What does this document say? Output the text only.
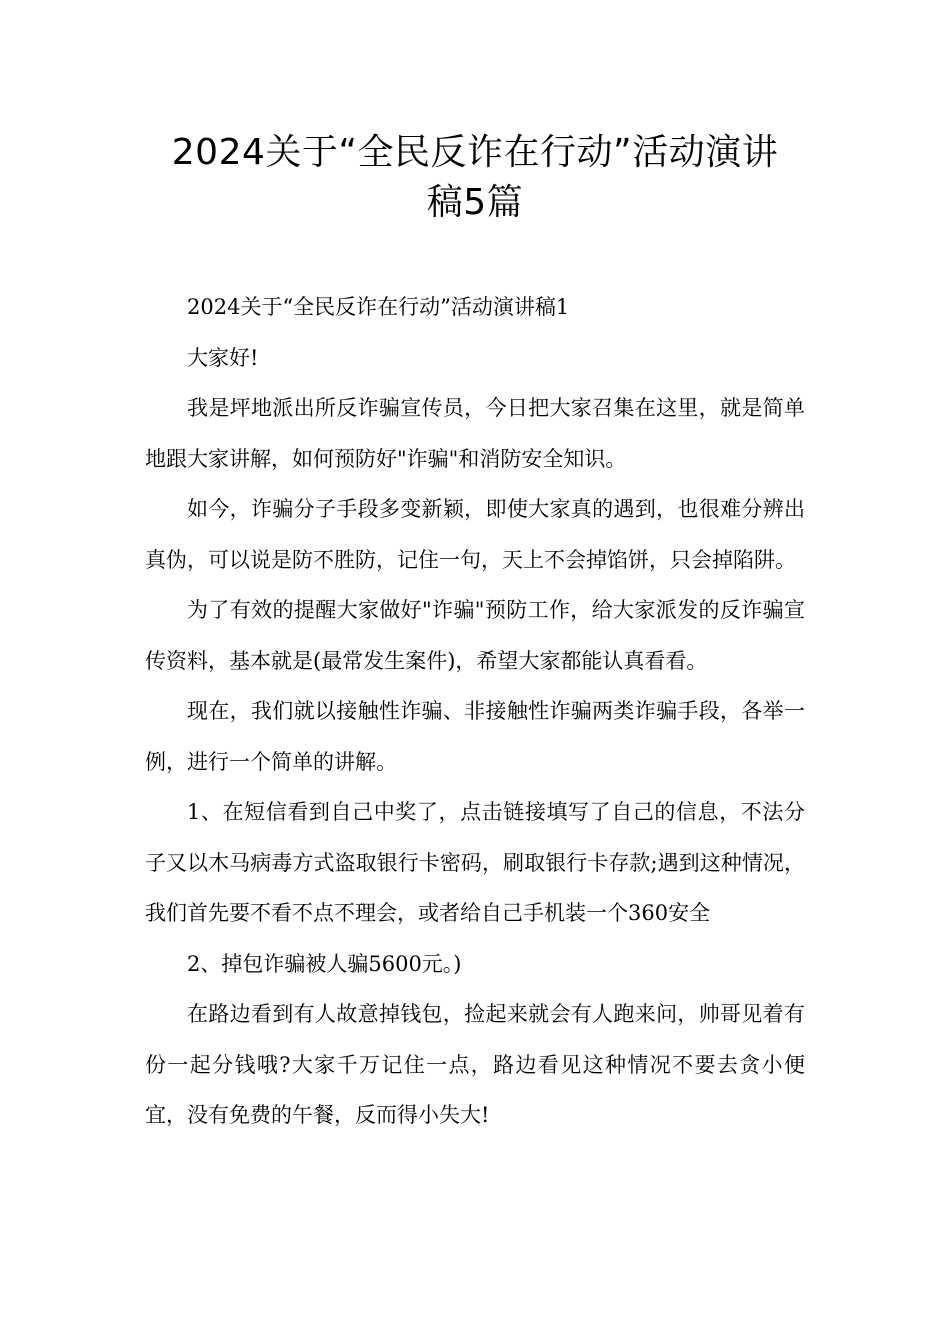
2024关于“全民反诈在行动”活动演讲
稿5篇

2024关于“全民反诈在行动”活动演讲稿1

大家好!

我是坪地派出所反诈骗宣传员，今日把大家召集在这里，就是简单地跟大家讲解，如何预防好"诈骗"和消防安全知识。

如今，诈骗分子手段多变新颖，即使大家真的遇到，也很难分辨出真伪，可以说是防不胜防，记住一句，天上不会掉馅饼，只会掉陷阱。

为了有效的提醒大家做好"诈骗"预防工作，给大家派发的反诈骗宣传资料，基本就是(最常发生案件)，希望大家都能认真看看。

现在，我们就以接触性诈骗、非接触性诈骗两类诈骗手段，各举一例，进行一个简单的讲解。

1、在短信看到自己中奖了，点击链接填写了自己的信息，不法分子又以木马病毒方式盗取银行卡密码，刷取银行卡存款;遇到这种情况，我们首先要不看不点不理会，或者给自己手机装一个360安全

2、掉包诈骗被人骗5600元。)

在路边看到有人故意掉钱包，捡起来就会有人跑来问，帅哥见着有份一起分钱哦?大家千万记住一点，路边看见这种情况不要去贪小便宜，没有免费的午餐，反而得小失大!
